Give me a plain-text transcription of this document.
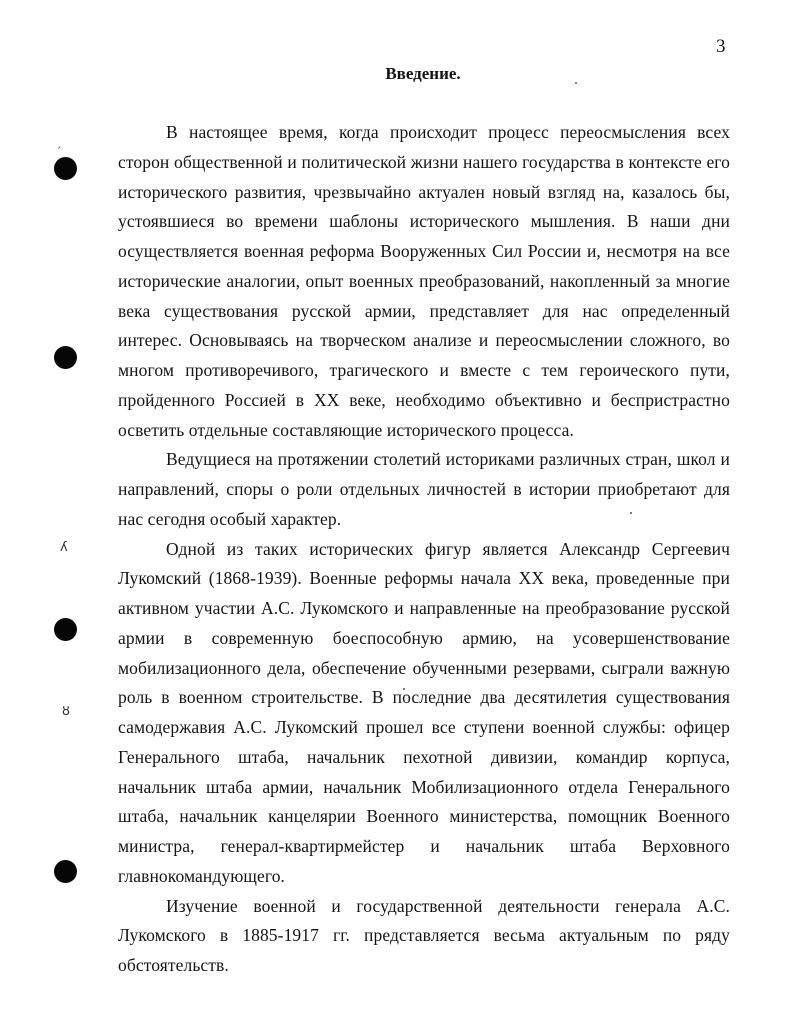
3
Введение.
ˊ
ʎ
ȣ

В настоящее время, когда происходит процесс переосмысления всех сторон общественной и политической жизни нашего государства в контексте его исторического развития, чрезвычайно актуален новый взгляд на, казалось бы, устоявшиеся во времени шаблоны исторического мышления. В наши дни осуществляется военная реформа Вооруженных Сил России и, несмотря на все исторические аналогии, опыт военных преобразований, накопленный за многие века существования русской армии, представляет для нас определенный интерес. Основываясь на творческом анализе и переосмыслении сложного, во многом противоречивого, трагического и вместе с тем героического пути, пройденного Россией в XX веке, необходимо объективно и беспристрастно осветить отдельные составляющие исторического процесса.

Ведущиеся на протяжении столетий историками различных стран, школ и направлений, споры о роли отдельных личностей в истории приобретают для нас сегодня особый характер.

Одной из таких исторических фигур является Александр Сергеевич Лукомский (1868-1939). Военные реформы начала XX века, проведенные при активном участии А.С. Лукомского и направленные на преобразование русской армии в современную боеспособную армию, на усовершенствование мобилизационного дела, обеспечение обученными резервами, сыграли важную роль в военном строительстве. В последние два десятилетия существования самодержавия А.С. Лукомский прошел все ступени военной службы: офицер Генерального штаба, начальник пехотной дивизии, командир корпуса, начальник штаба армии, начальник Мобилизационного отдела Генерального штаба, начальник канцелярии Военного министерства, помощник Военного министра, генерал-квартирмейстер и начальник штаба Верховного главнокомандующего.

Изучение военной и государственной деятельности генерала А.С. Лукомского в 1885-1917 гг. представляется весьма актуальным по ряду обстоятельств.
